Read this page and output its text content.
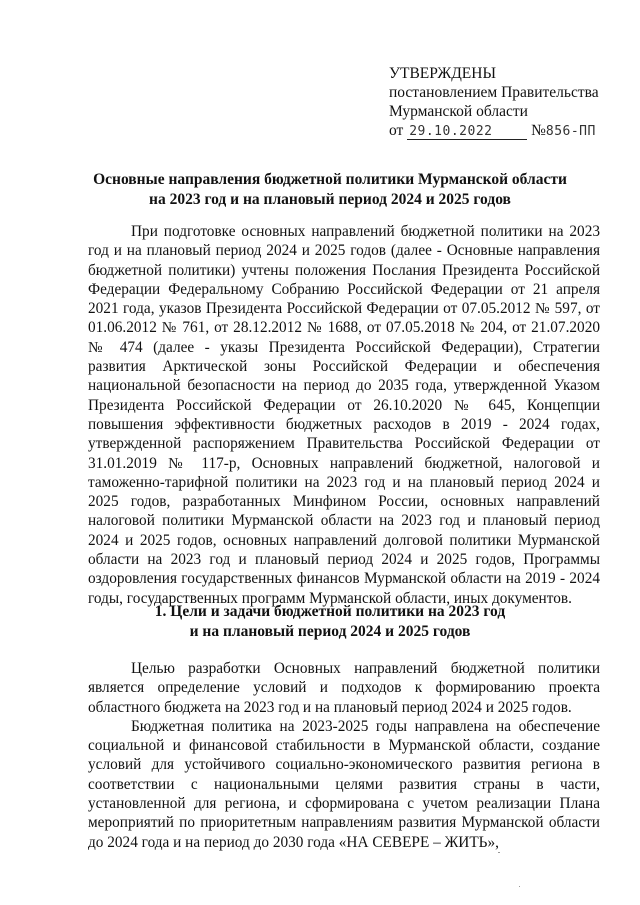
УТВЕРЖДЕНЫ
постановлением Правительства
Мурманской области
от 29.10.2022 №856-ПП
Основные направления бюджетной политики Мурманской области
на 2023 год и на плановый период 2024 и 2025 годов

При подготовке основных направлений бюджетной политики на 2023 год и на плановый период 2024 и 2025 годов (далее - Основные направления бюджетной политики) учтены положения Послания Президента Российской Федерации Федеральному Собранию Российской Федерации от 21 апреля 2021 года, указов Президента Российской Федерации от 07.05.2012 № 597, от 01.06.2012 № 761, от 28.12.2012 № 1688, от 07.05.2018 № 204, от 21.07.2020 № 474 (далее - указы Президента Российской Федерации), Стратегии развития Арктической зоны Российской Федерации и обеспечения национальной безопасности на период до 2035 года, утвержденной Указом Президента Российской Федерации от 26.10.2020 № 645, Концепции повышения эффективности бюджетных расходов в 2019 - 2024 годах, утвержденной распоряжением Правительства Российской Федерации от 31.01.2019 № 117-р, Основных направлений бюджетной, налоговой и таможенно-тарифной политики на 2023 год и на плановый период 2024 и 2025 годов, разработанных Минфином России, основных направлений налоговой политики Мурманской области на 2023 год и плановый период 2024 и 2025 годов, основных направлений долговой политики Мурманской области на 2023 год и плановый период 2024 и 2025 годов, Программы оздоровления государственных финансов Мурманской области на 2019 - 2024 годы, государственных программ Мурманской области, иных документов.

1. Цели и задачи бюджетной политики на 2023 год
и на плановый период 2024 и 2025 годов

Целью разработки Основных направлений бюджетной политики является определение условий и подходов к формированию проекта областного бюджета на 2023 год и на плановый период 2024 и 2025 годов.

Бюджетная политика на 2023-2025 годы направлена на обеспечение социальной и финансовой стабильности в Мурманской области, создание условий для устойчивого социально-экономического развития региона в соответствии с национальными целями развития страны в части, установленной для региона, и сформирована с учетом реализации Плана мероприятий по приоритетным направлениям развития Мурманской области до 2024 года и на период до 2030 года «НА СЕВЕРЕ – ЖИТЬ»,
